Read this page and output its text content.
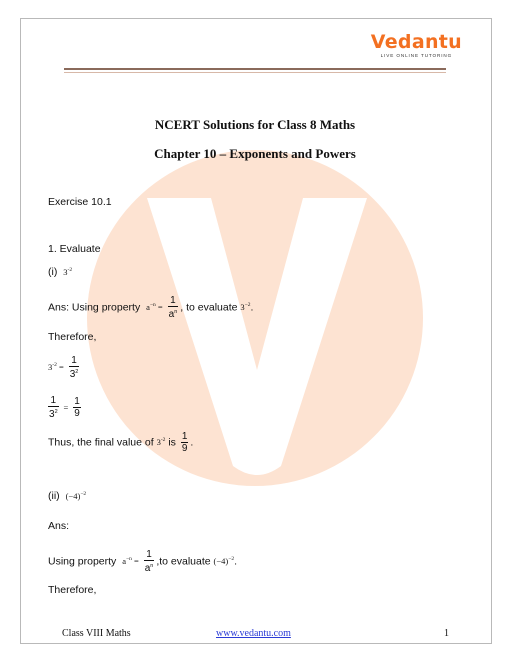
Vedantu
LIVE ONLINE TUTORING
NCERT Solutions for Class 8 Maths
Chapter 10 – Exponents and Powers
Exercise 10.1
1. Evaluate
(i) $3^{-2}$
Ans: Using property $a^{-n} = \frac{1}{a^n}$ , to evaluate $3^{-2}$.
Therefore,
$3^{-2} = \frac{1}{3^2}$
$\frac{1}{3^2} = \frac{1}{9}$
Thus, the final value of $3^{-2}$ is $\frac{1}{9}$ .
(ii) $(-4)^{-2}$
Ans:
Using property $a^{-n} = \frac{1}{a^n} ,to$ evaluate $(-4)^{-2}$.
Therefore,
Class VIII Maths	www.vedantu.com	1
